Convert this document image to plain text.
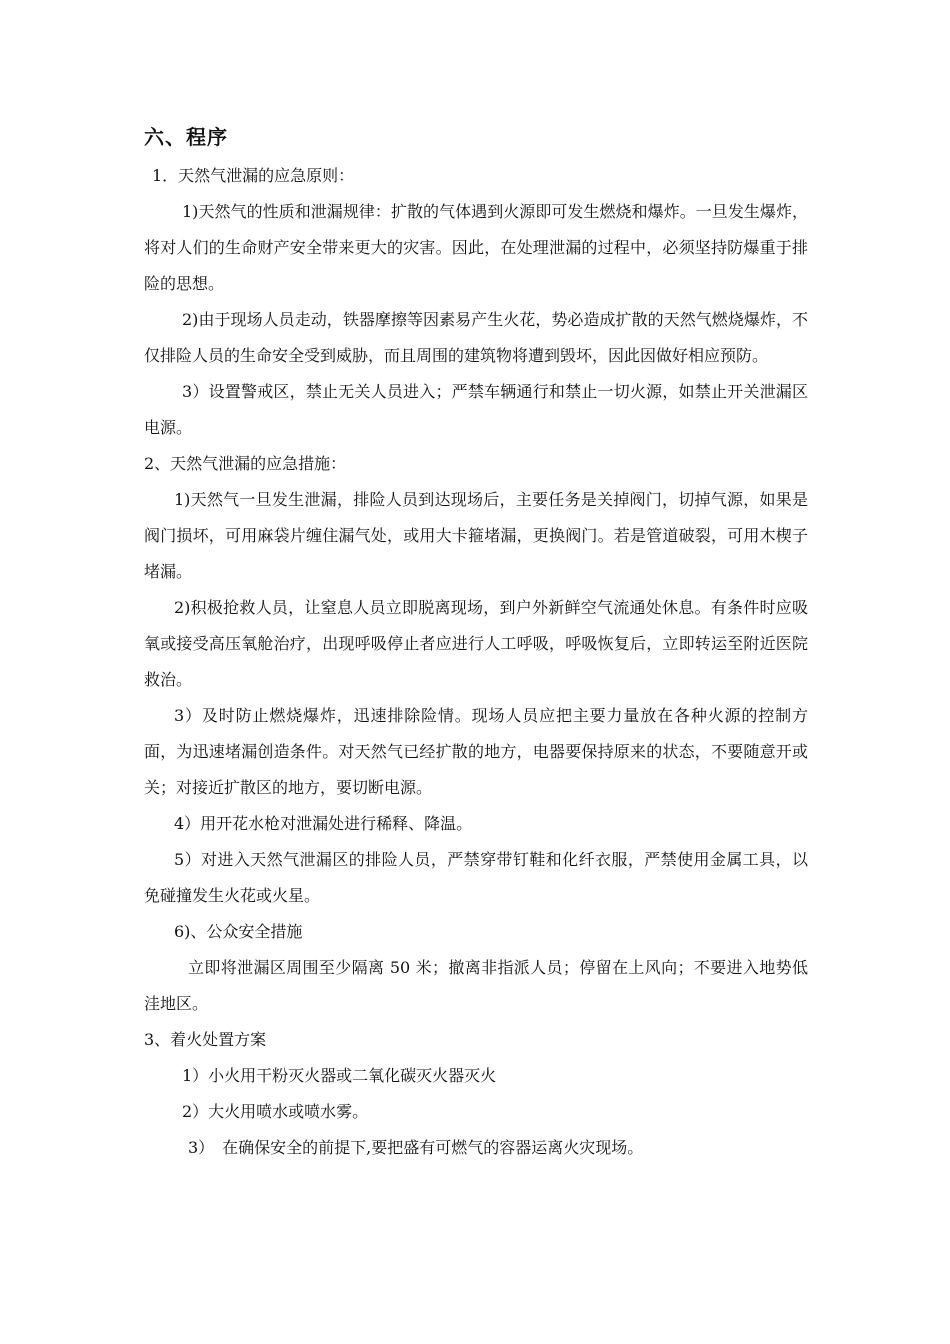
六、程序

1．天然气泄漏的应急原则：

1)天然气的性质和泄漏规律：扩散的气体遇到火源即可发生燃烧和爆炸。一旦发生爆炸，将对人们的生命财产安全带来更大的灾害。因此，在处理泄漏的过程中，必须坚持防爆重于排险的思想。

2)由于现场人员走动，铁器摩擦等因素易产生火花，势必造成扩散的天然气燃烧爆炸，不仅排险人员的生命安全受到威胁，而且周围的建筑物将遭到毁坏，因此因做好相应预防。

3）设置警戒区，禁止无关人员进入；严禁车辆通行和禁止一切火源，如禁止开关泄漏区电源。

2、天然气泄漏的应急措施：

1)天然气一旦发生泄漏，排险人员到达现场后，主要任务是关掉阀门，切掉气源，如果是阀门损坏，可用麻袋片缠住漏气处，或用大卡箍堵漏，更换阀门。若是管道破裂，可用木楔子堵漏。

2)积极抢救人员，让窒息人员立即脱离现场，到户外新鲜空气流通处休息。有条件时应吸氧或接受高压氧舱治疗，出现呼吸停止者应进行人工呼吸，呼吸恢复后，立即转运至附近医院救治。

3）及时防止燃烧爆炸，迅速排除险情。现场人员应把主要力量放在各种火源的控制方面，为迅速堵漏创造条件。对天然气已经扩散的地方，电器要保持原来的状态，不要随意开或关；对接近扩散区的地方，要切断电源。

4）用开花水枪对泄漏处进行稀释、降温。

5）对进入天然气泄漏区的排险人员，严禁穿带钉鞋和化纤衣服，严禁使用金属工具，以免碰撞发生火花或火星。

6)、公众安全措施

立即将泄漏区周围至少隔离 50 米；撤离非指派人员；停留在上风向；不要进入地势低洼地区。

3、着火处置方案

1）小火用干粉灭火器或二氧化碳灭火器灭火

2）大火用喷水或喷水雾。

3）　在确保安全的前提下,要把盛有可燃气的容器运离火灾现场。
